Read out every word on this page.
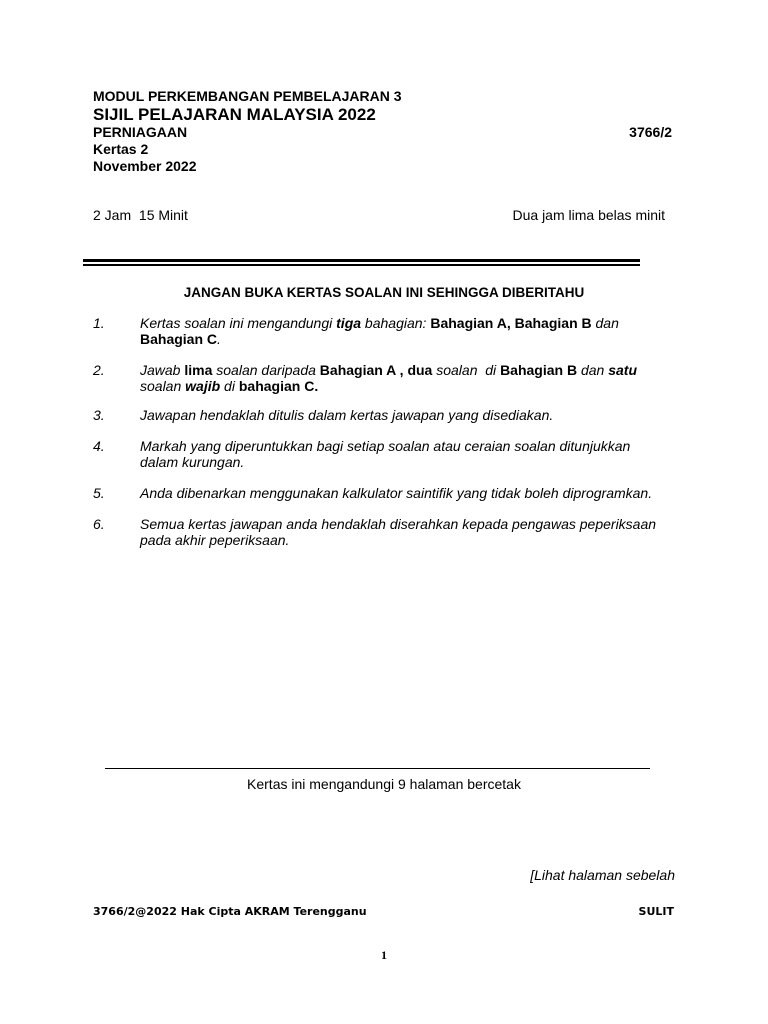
MODUL PERKEMBANGAN PEMBELAJARAN 3
SIJIL PELAJARAN MALAYSIA 2022
PERNIAGAAN	3766/2
Kertas 2
November 2022
2 Jam  15 Minit	Dua jam lima belas minit
JANGAN BUKA KERTAS SOALAN INI SEHINGGA DIBERITAHU
1.	Kertas soalan ini mengandungi tiga bahagian: Bahagian A, Bahagian B dan
Bahagian C.
2.	Jawab lima soalan daripada Bahagian A , dua soalan  di Bahagian B dan satu
soalan wajib di bahagian C.
3.	Jawapan hendaklah ditulis dalam kertas jawapan yang disediakan.
4.	Markah yang diperuntukkan bagi setiap soalan atau ceraian soalan ditunjukkan
dalam kurungan.
5.	Anda dibenarkan menggunakan kalkulator saintifik yang tidak boleh diprogramkan.
6.	Semua kertas jawapan anda hendaklah diserahkan kepada pengawas peperiksaan
pada akhir peperiksaan.
Kertas ini mengandungi 9 halaman bercetak
[Lihat halaman sebelah
3766/2@2022 Hak Cipta AKRAM Terengganu	SULIT
1
